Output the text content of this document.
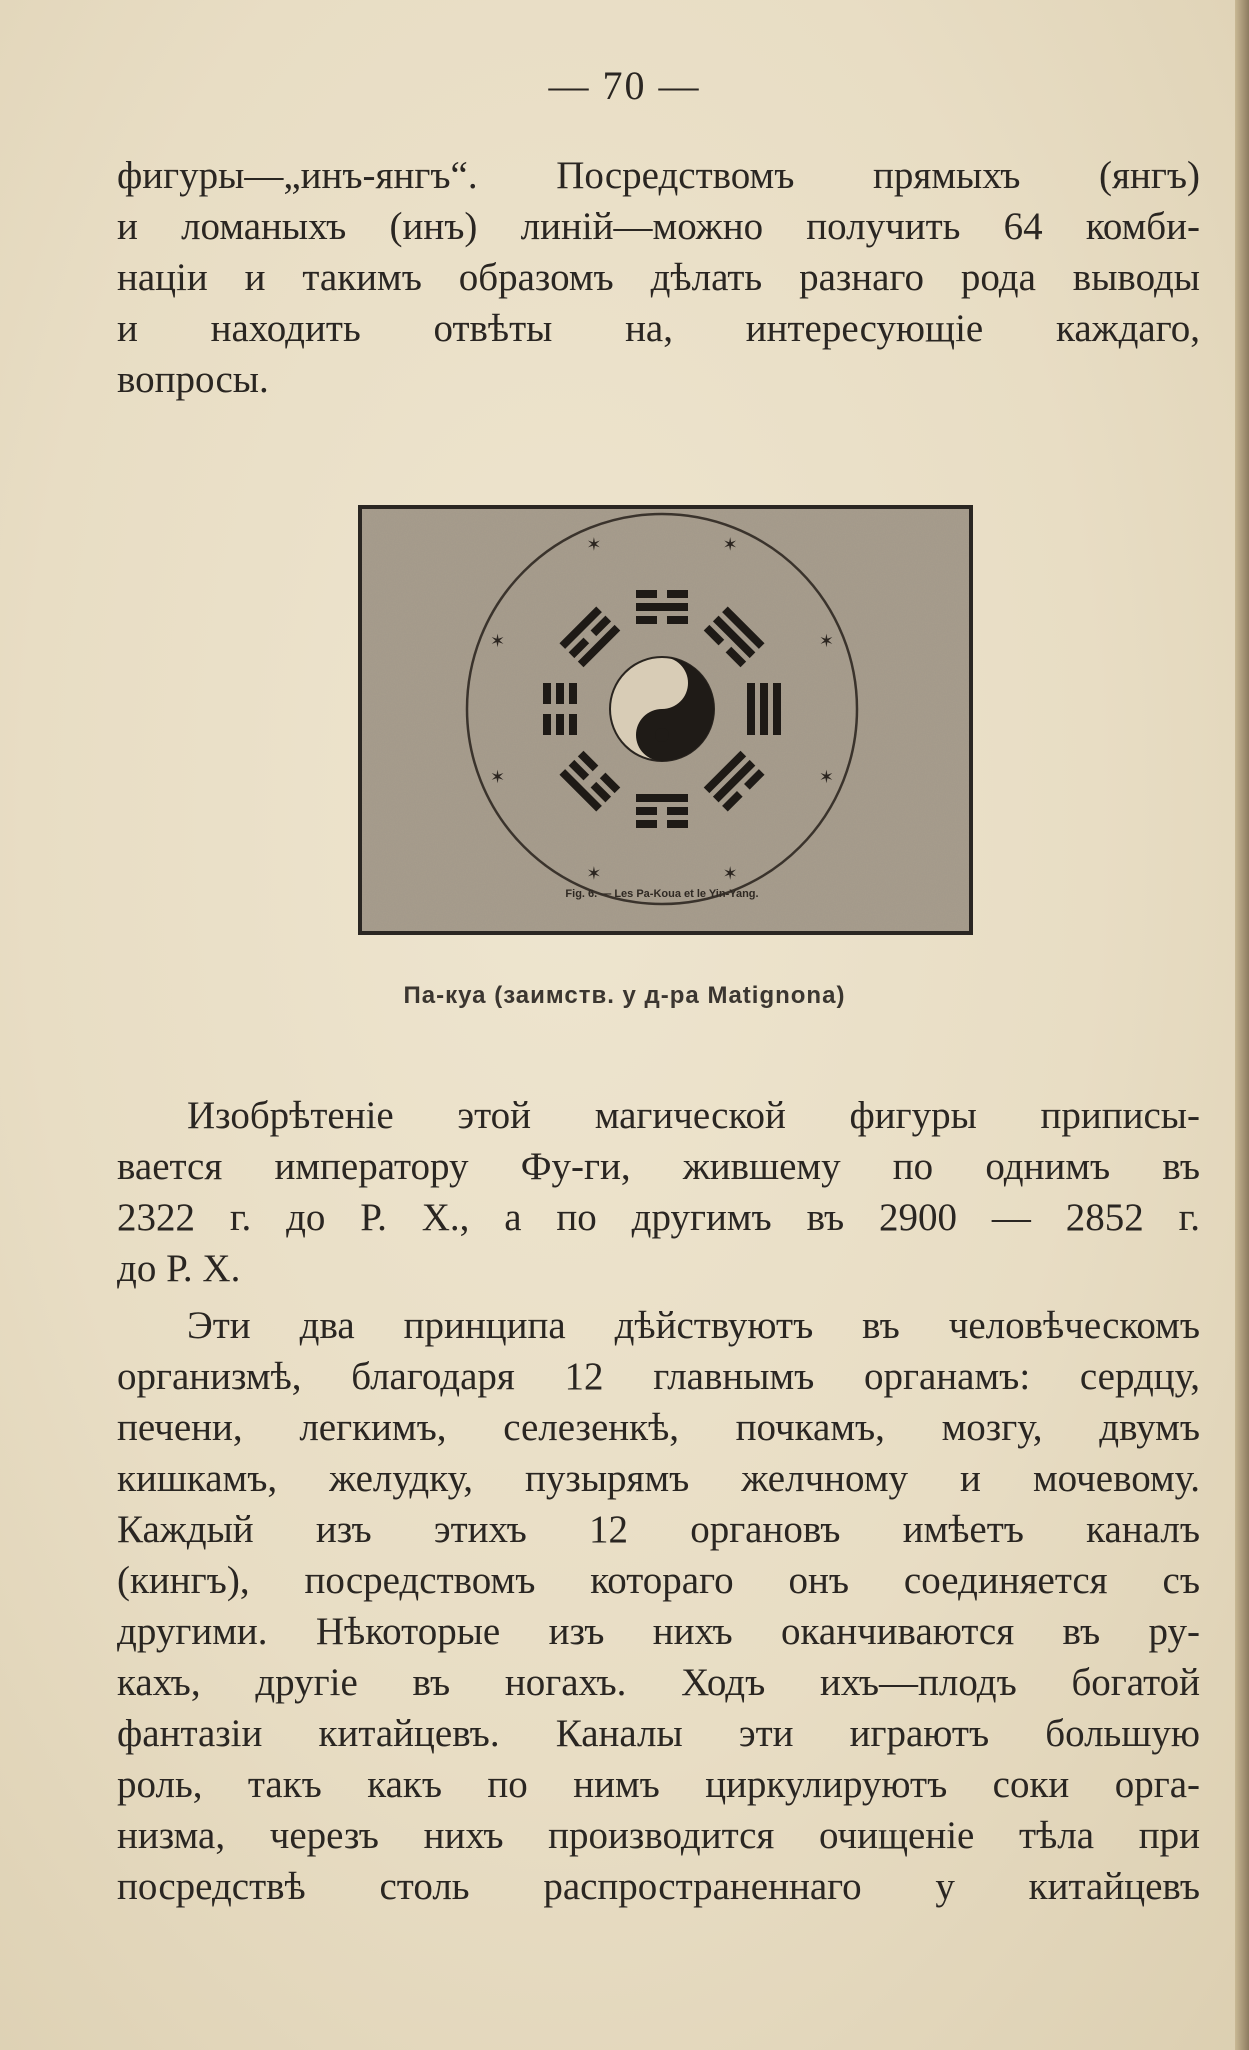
— 70 —
фигуры—„инъ-янгъ“. Посредствомъ прямыхъ (янгъ)
и ломаныхъ (инъ) линій—можно получить 64 комби-
націи и такимъ образомъ дѣлать разнаго рода выводы
и находить отвѣты на, интересующіе каждаго,
вопросы.
✶
✶
✶
✶
✶
✶
✶
✶
Fig. 6. — Les Pa-Koua et le Yin-Yang.
Па-куа (заимств. у д-ра Matignona)
Изобрѣтеніе этой магической фигуры приписы-
вается императору Фу-ги, жившему по однимъ въ
2322 г. до Р. Х., а по другимъ въ 2900 — 2852 г.
до Р. Х.
Эти два принципа дѣйствуютъ въ человѣческомъ
организмѣ, благодаря 12 главнымъ органамъ: сердцу,
печени, легкимъ, селезенкѣ, почкамъ, мозгу, двумъ
кишкамъ, желудку, пузырямъ желчному и мочевому.
Каждый изъ этихъ 12 органовъ имѣетъ каналъ
(кингъ), посредствомъ котораго онъ соединяется съ
другими. Нѣкоторые изъ нихъ оканчиваются въ ру-
кахъ, другіе въ ногахъ. Ходъ ихъ—плодъ богатой
фантазіи китайцевъ. Каналы эти играютъ большую
роль, такъ какъ по нимъ циркулируютъ соки орга-
низма, черезъ нихъ производится очищеніе тѣла при
посредствѣ столь распространеннаго у китайцевъ
